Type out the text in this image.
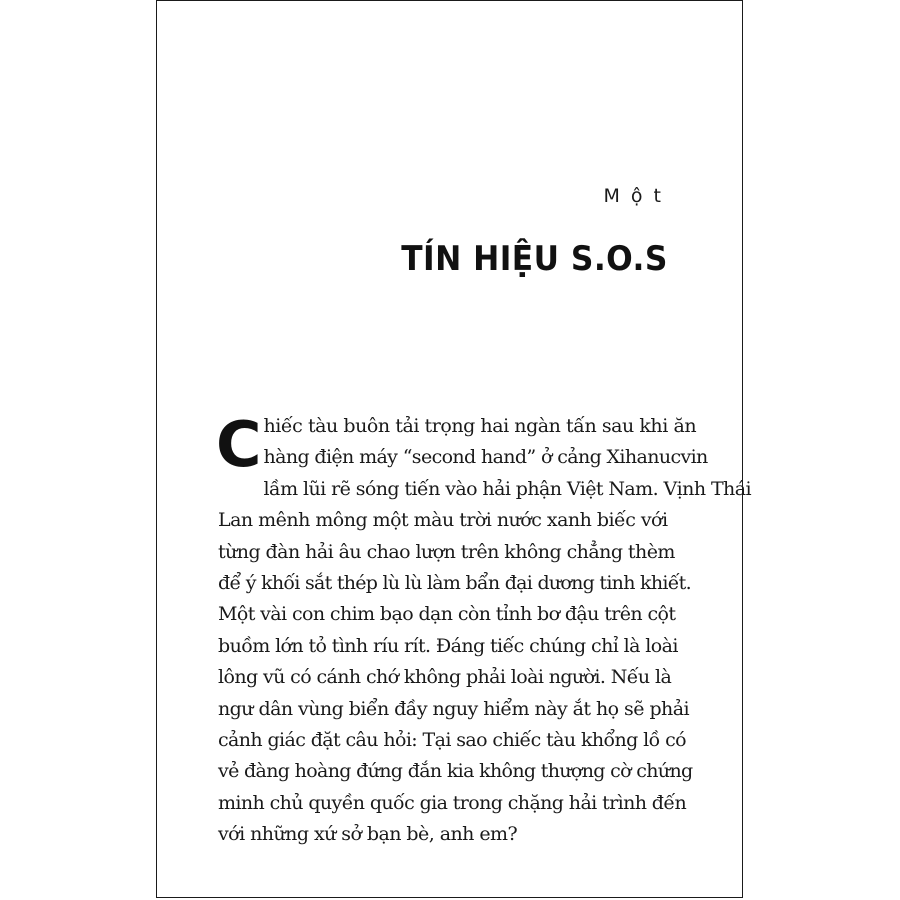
Một

TÍN HIỆU S.O.S
C hiếc tàu buôn tải trọng hai ngàn tấn sau khi ăn
hàng điện máy “second hand” ở cảng Xihanucvin
lầm lũi rẽ sóng tiến vào hải phận Việt Nam. Vịnh Thái
Lan mênh mông một màu trời nước xanh biếc với
từng đàn hải âu chao lượn trên không chẳng thèm
để ý khối sắt thép lù lù làm bẩn đại dương tinh khiết.
Một vài con chim bạo dạn còn tỉnh bơ đậu trên cột
buồm lớn tỏ tình ríu rít. Đáng tiếc chúng chỉ là loài
lông vũ có cánh chớ không phải loài người. Nếu là
ngư dân vùng biển đầy nguy hiểm này ắt họ sẽ phải
cảnh giác đặt câu hỏi: Tại sao chiếc tàu khổng lồ có
vẻ đàng hoàng đứng đắn kia không thượng cờ chứng
minh chủ quyền quốc gia trong chặng hải trình đến
với những xứ sở bạn bè, anh em?
